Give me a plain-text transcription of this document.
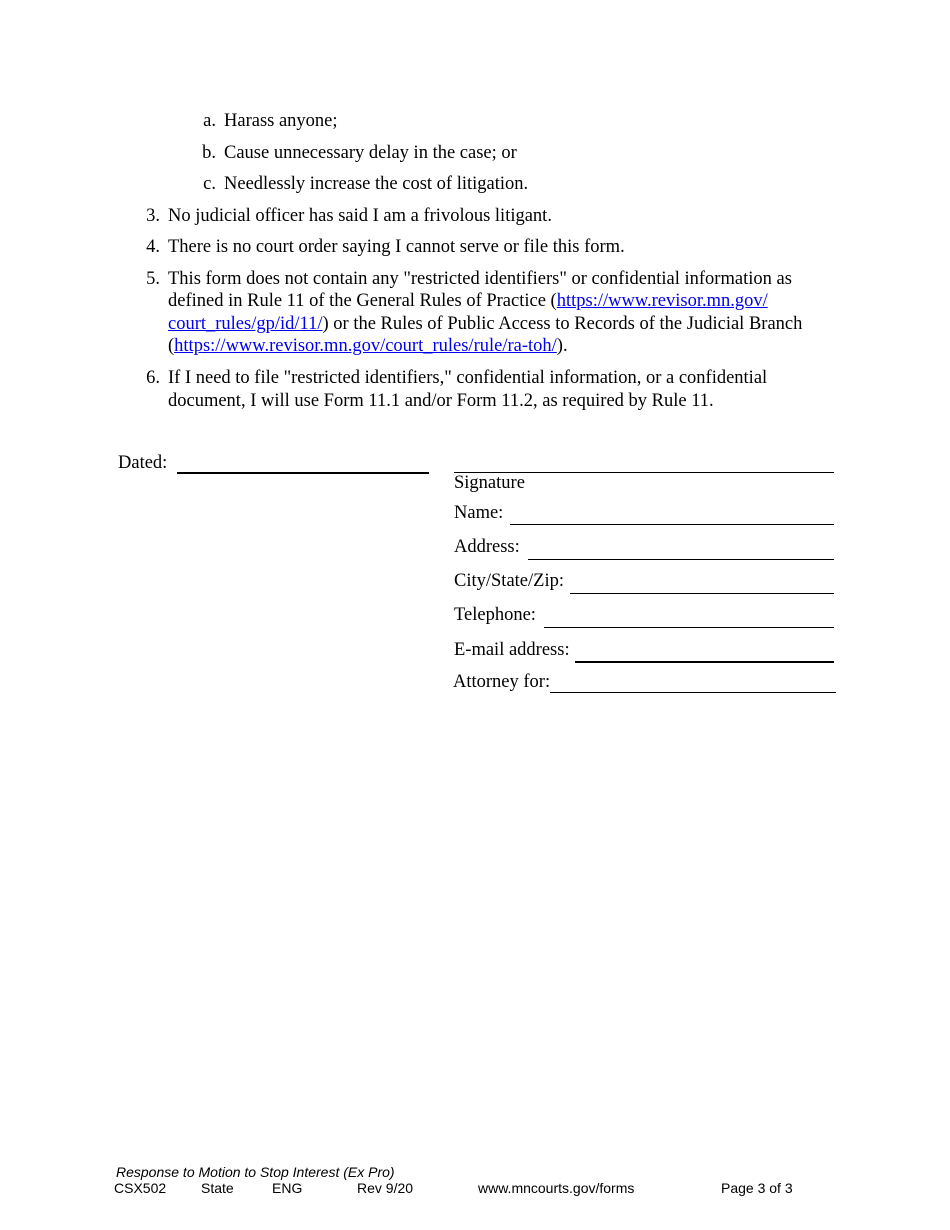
a. Harass anyone;
b. Cause unnecessary delay in the case; or
c. Needlessly increase the cost of litigation.
3. No judicial officer has said I am a frivolous litigant.
4. There is no court order saying I cannot serve or file this form.
5. This form does not contain any "restricted identifiers" or confidential information as
defined in Rule 11 of the General Rules of Practice (https://www.revisor.mn.gov/
court_rules/gp/id/11/) or the Rules of Public Access to Records of the Judicial Branch
(https://www.revisor.mn.gov/court_rules/rule/ra-toh/).
6. If I need to file "restricted identifiers," confidential information, or a confidential
document, I will use Form 11.1 and/or Form 11.2, as required by Rule 11.
Dated:
Signature
Name:
Address:
City/State/Zip:
Telephone:
E-mail address:
Attorney for:
Response to Motion to Stop Interest (Ex Pro)
CSX502 State	ENG	Rev 9/20	www.mncourts.gov/forms	Page 3 of 3
